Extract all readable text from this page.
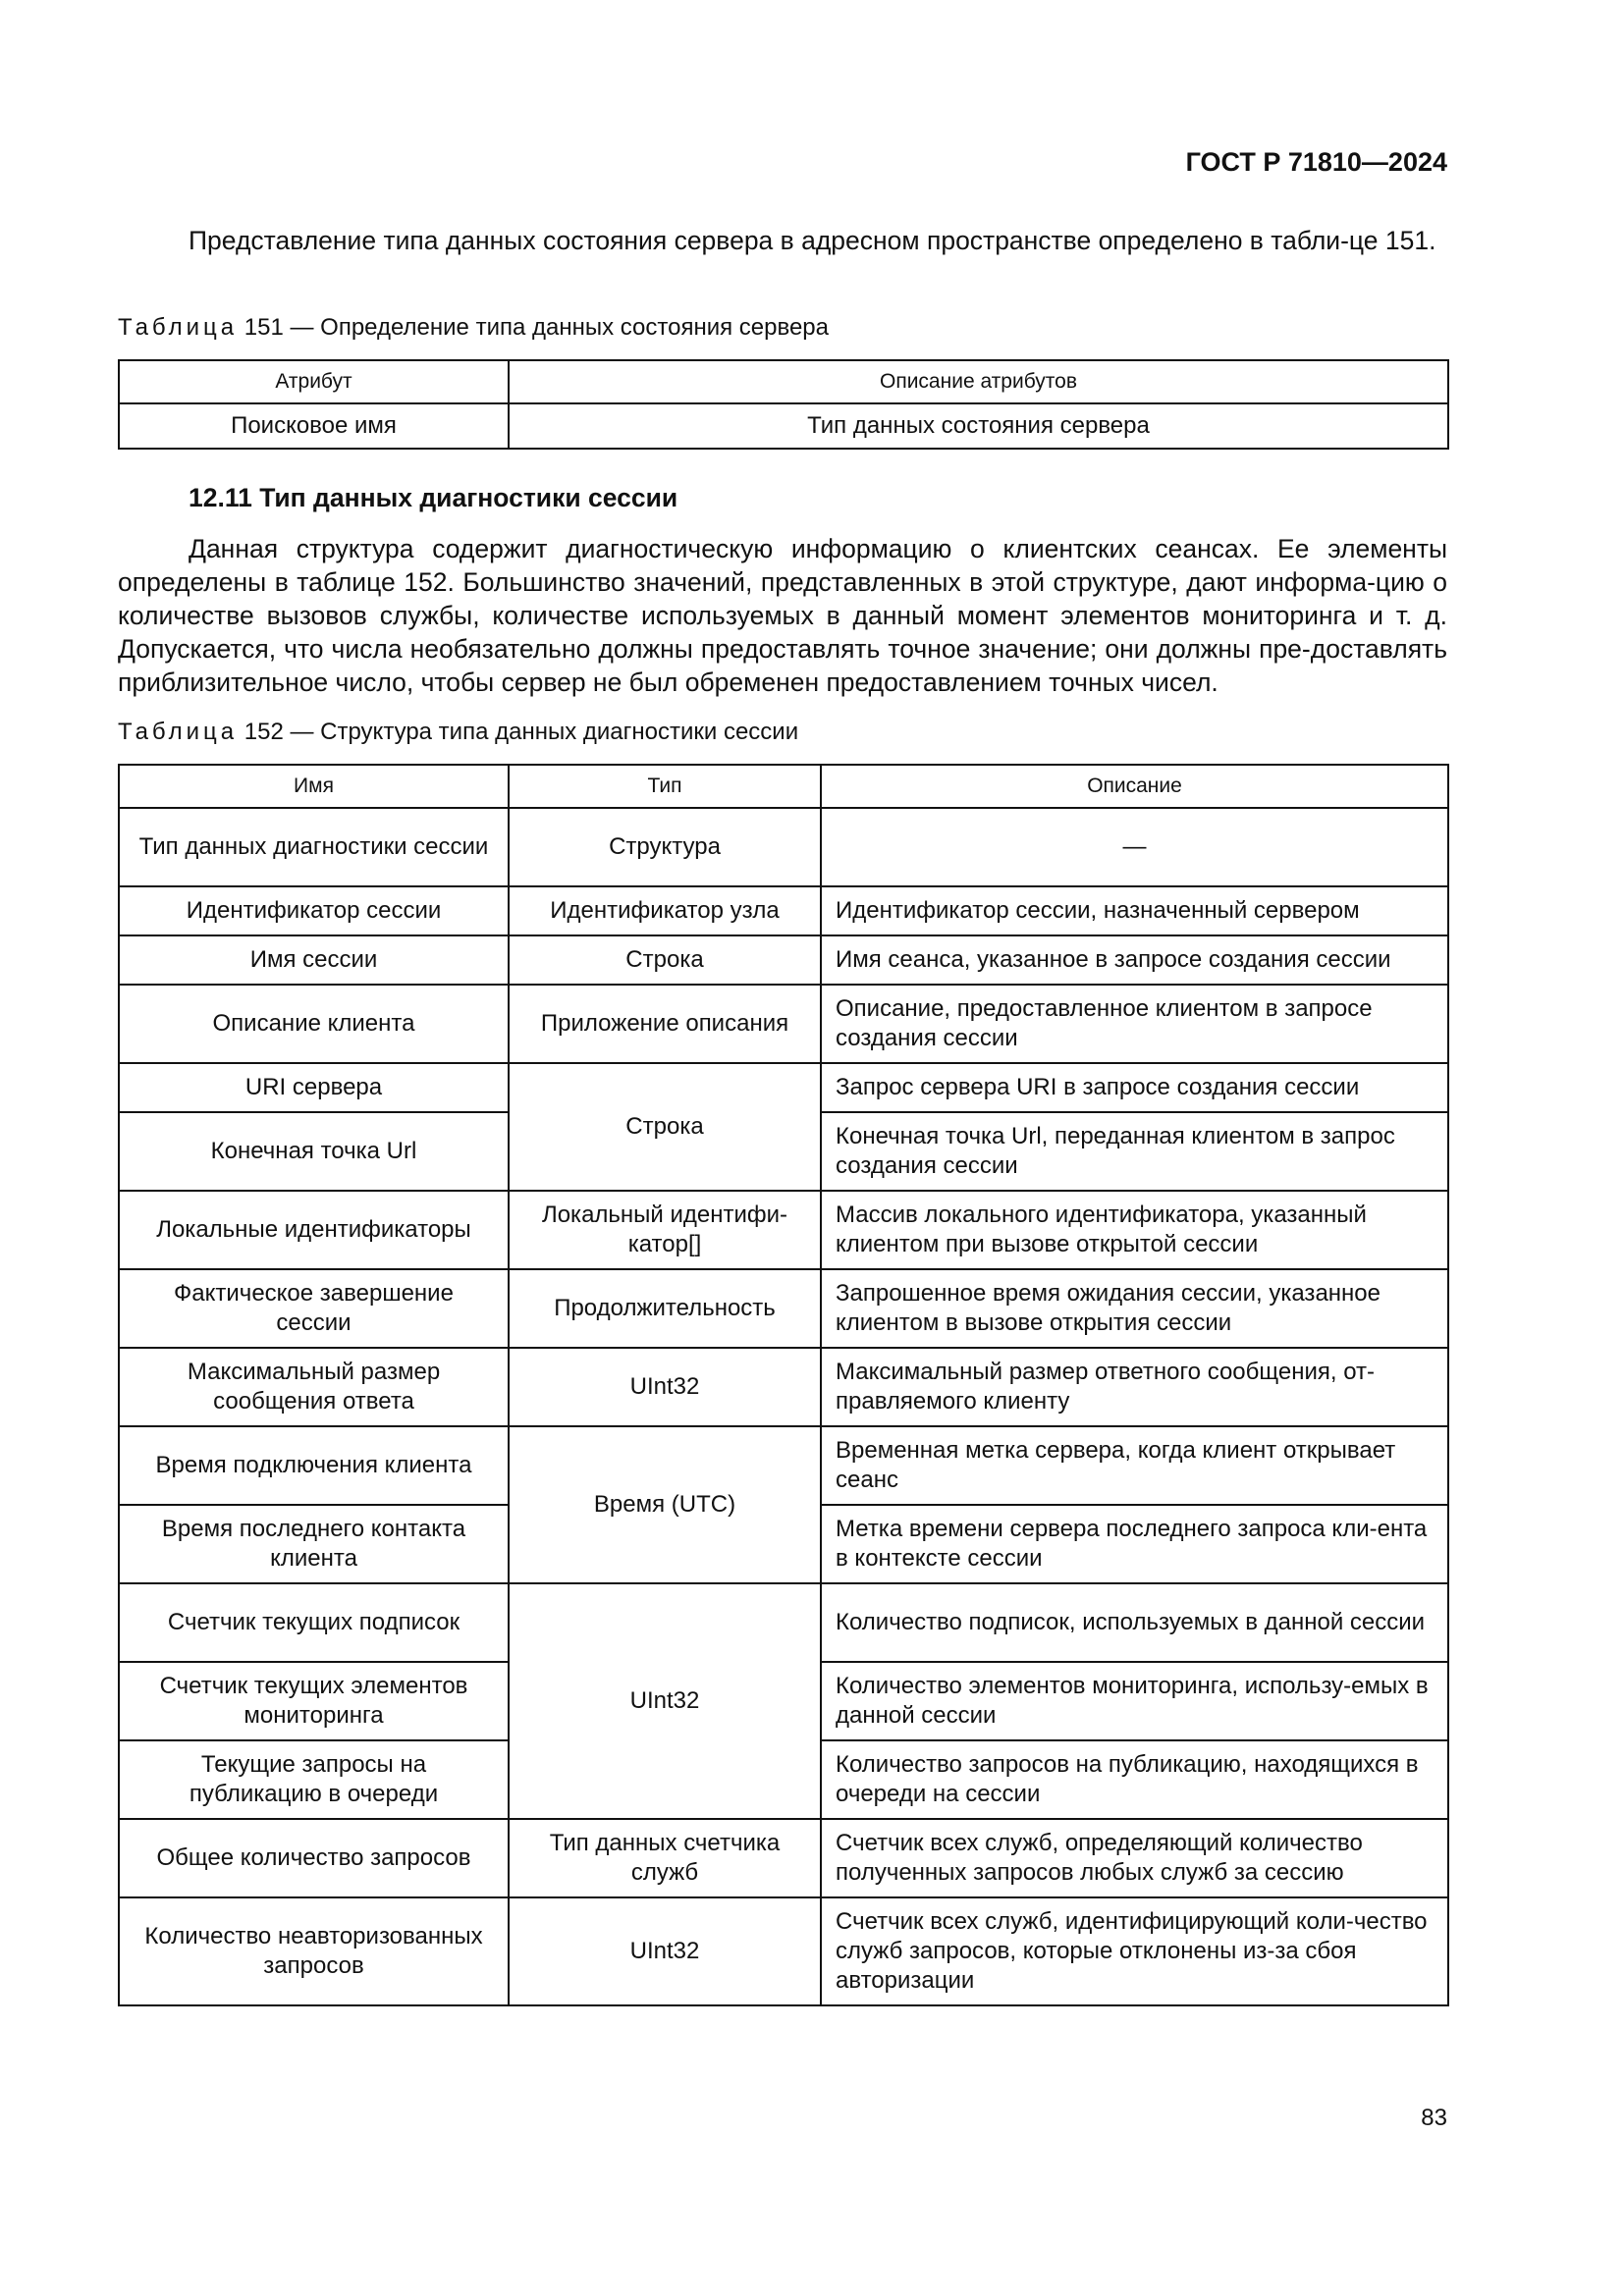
ГОСТ Р 71810—2024
Представление типа данных состояния сервера в адресном пространстве определено в табли-це 151.
Таблица 151 — Определение типа данных состояния сервера
Атрибут	Описание атрибутов
Поисковое имя	Тип данных состояния сервера
12.11 Тип данных диагностики сессии
Данная структура содержит диагностическую информацию о клиентских сеансах. Ее элементы определены в таблице 152. Большинство значений, представленных в этой структуре, дают информа-цию о количестве вызовов службы, количестве используемых в данный момент элементов мониторинга и т. д. Допускается, что числа необязательно должны предоставлять точное значение; они должны пре-доставлять приблизительное число, чтобы сервер не был обременен предоставлением точных чисел.
Таблица 152 — Структура типа данных диагностики сессии
Имя	Тип	Описание
Тип данных диагностики сессии	Структура	—
Идентификатор сессии	Идентификатор узла	Идентификатор сессии, назначенный сервером
Имя сессии	Строка	Имя сеанса, указанное в запросе создания сессии
Описание клиента	Приложение описания	Описание, предоставленное клиентом в запросе создания сессии
URI сервера	Строка	Запрос сервера URI в запросе создания сессии
Конечная точка Url		Конечная точка Url, переданная клиентом в запрос создания сессии
Локальные идентификаторы	Локальный идентифи-катор[]	Массив локального идентификатора, указанный клиентом при вызове открытой сессии
Фактическое завершение сессии	Продолжительность	Запрошенное время ожидания сессии, указанное клиентом в вызове открытия сессии
Максимальный размер сообщения ответа	UInt32	Максимальный размер ответного сообщения, от-правляемого клиенту
Время подключения клиента	Время (UTC)	Временная метка сервера, когда клиент открывает сеанс
Время последнего контакта клиента		Метка времени сервера последнего запроса кли-ента в контексте сессии
Счетчик текущих подписок	UInt32	Количество подписок, используемых в данной сессии
Счетчик текущих элементов мониторинга		Количество элементов мониторинга, использу-емых в данной сессии
Текущие запросы на публикацию в очереди		Количество запросов на публикацию, находящихся в очереди на сессии
Общее количество запросов	Тип данных счетчика служб	Счетчик всех служб, определяющий количество полученных запросов любых служб за сессию
Количество неавторизованных запросов	UInt32	Счетчик всех служб, идентифицирующий коли-чество служб запросов, которые отклонены из-за сбоя авторизации
83
